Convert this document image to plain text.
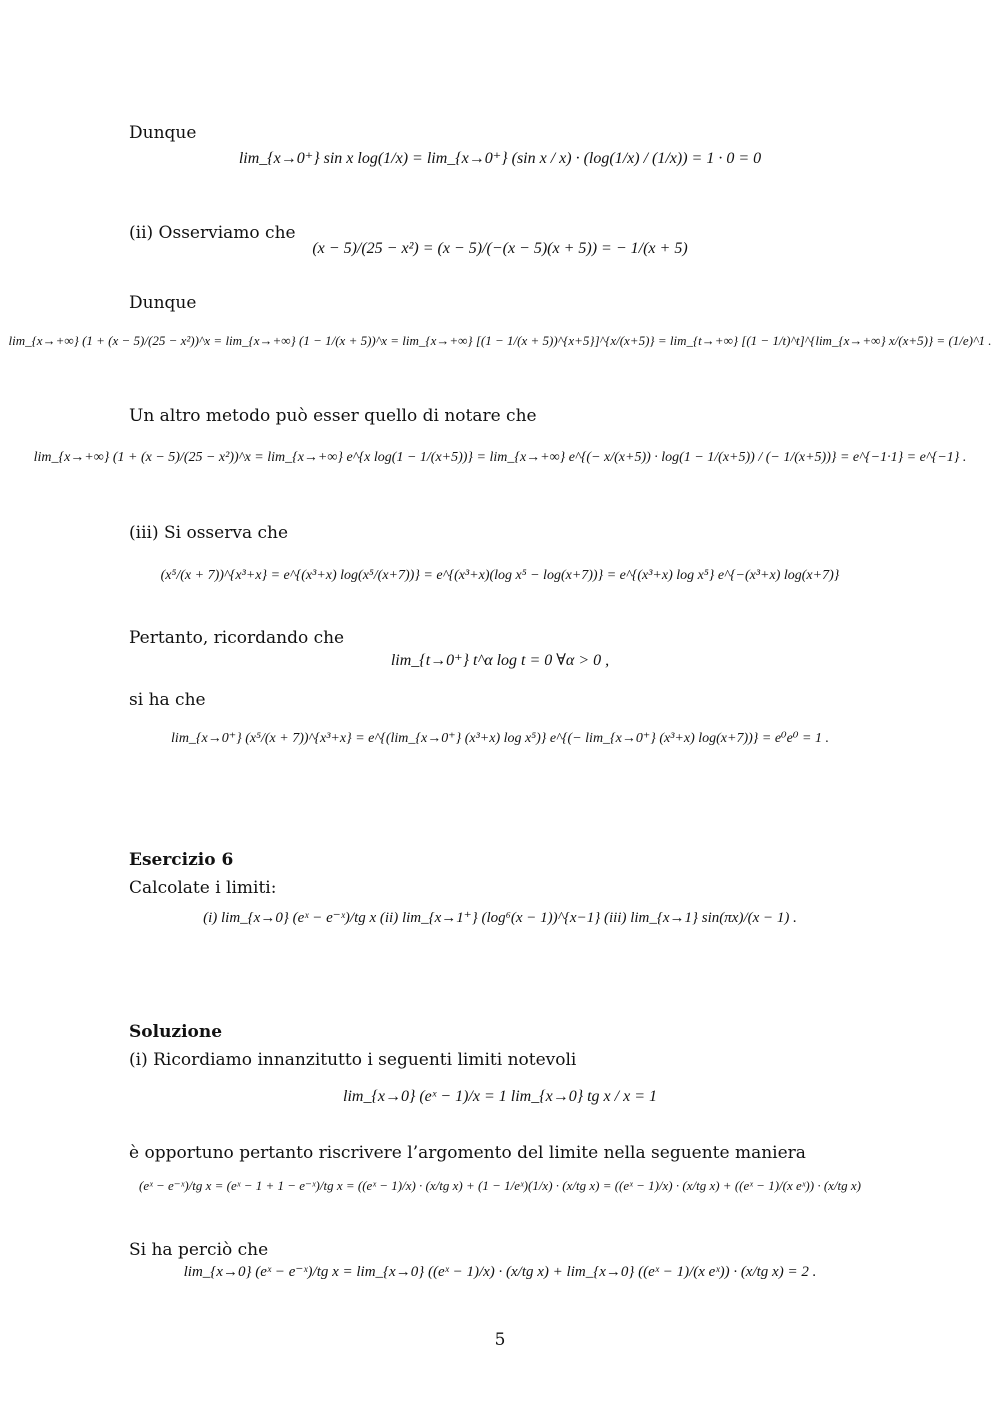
Dunque
lim_{x→0⁺} sin x log(1/x) = lim_{x→0⁺} (sin x / x) · (log(1/x) / (1/x)) = 1 · 0 = 0
(ii) Osserviamo che
(x − 5)/(25 − x²) = (x − 5)/(−(x − 5)(x + 5)) = − 1/(x + 5)
Dunque
lim_{x→+∞} (1 + (x − 5)/(25 − x²))^x = lim_{x→+∞} (1 − 1/(x + 5))^x = lim_{x→+∞} [(1 − 1/(x + 5))^{x+5}]^{x/(x+5)} = lim_{t→+∞} [(1 − 1/t)^t]^{lim_{x→+∞} x/(x+5)} = (1/e)^1 .
Un altro metodo può esser quello di notare che
lim_{x→+∞} (1 + (x − 5)/(25 − x²))^x = lim_{x→+∞} e^{x log(1 − 1/(x+5))} = lim_{x→+∞} e^{(− x/(x+5)) · log(1 − 1/(x+5)) / (− 1/(x+5))} = e^{−1·1} = e^{−1} .
(iii) Si osserva che
(x⁵/(x + 7))^{x³+x} = e^{(x³+x) log(x⁵/(x+7))} = e^{(x³+x)(log x⁵ − log(x+7))} = e^{(x³+x) log x⁵} e^{−(x³+x) log(x+7)}
Pertanto, ricordando che
lim_{t→0⁺} t^α log t = 0 ∀α > 0 ,
si ha che
lim_{x→0⁺} (x⁵/(x + 7))^{x³+x} = e^{(lim_{x→0⁺} (x³+x) log x⁵)} e^{(− lim_{x→0⁺} (x³+x) log(x+7))} = e⁰e⁰ = 1 .
Esercizio 6
Calcolate i limiti:
(i) lim_{x→0} (eˣ − e⁻ˣ)/tg x (ii) lim_{x→1⁺} (log⁶(x − 1))^{x−1} (iii) lim_{x→1} sin(πx)/(x − 1) .
Soluzione
(i) Ricordiamo innanzitutto i seguenti limiti notevoli
lim_{x→0} (eˣ − 1)/x = 1 lim_{x→0} tg x / x = 1
è opportuno pertanto riscrivere l’argomento del limite nella seguente maniera
(eˣ − e⁻ˣ)/tg x = (eˣ − 1 + 1 − e⁻ˣ)/tg x = ((eˣ − 1)/x) · (x/tg x) + (1 − 1/eˣ)(1/x) · (x/tg x) = ((eˣ − 1)/x) · (x/tg x) + ((eˣ − 1)/(x eˣ)) · (x/tg x)
Si ha perciò che
lim_{x→0} (eˣ − e⁻ˣ)/tg x = lim_{x→0} ((eˣ − 1)/x) · (x/tg x) + lim_{x→0} ((eˣ − 1)/(x eˣ)) · (x/tg x) = 2 .
5
